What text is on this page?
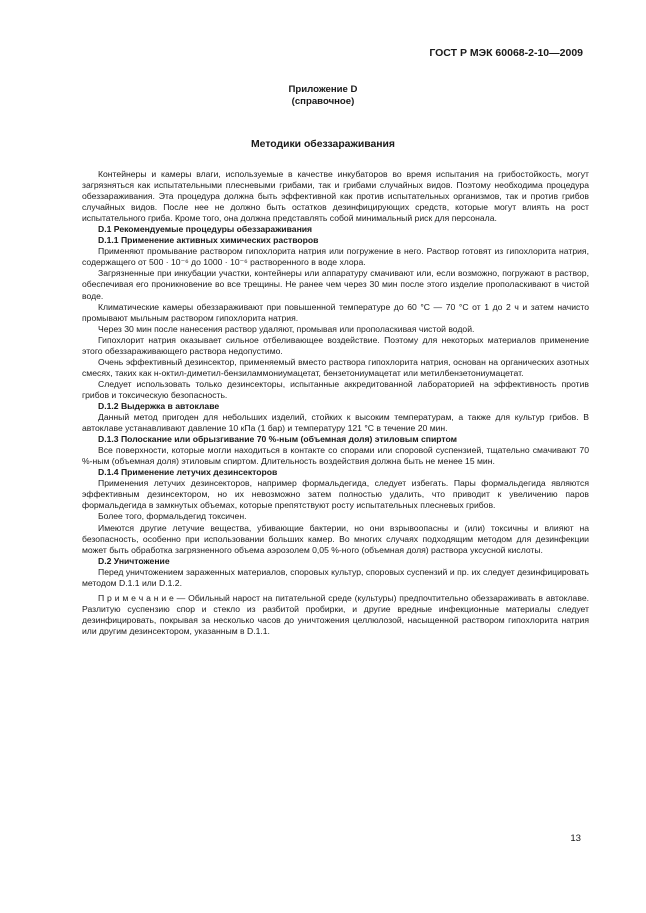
ГОСТ Р МЭК 60068-2-10—2009
Приложение D
(справочное)
Методики обеззараживания

Контейнеры и камеры влаги, используемые в качестве инкубаторов во время испытания на грибостойкость, могут загрязняться как испытательными плесневыми грибами, так и грибами случайных видов. Поэтому необходима процедура обеззараживания. Эта процедура должна быть эффективной как против испытательных организмов, так и против грибов случайных видов. После нее не должно быть остатков дезинфицирующих средств, которые могут влиять на рост испытательного гриба. Кроме того, она должна представлять собой минимальный риск для персонала.

D.1 Рекомендуемые процедуры обеззараживания
D.1.1 Применение активных химических растворов

Применяют промывание раствором гипохлорита натрия или погружение в него. Раствор готовят из гипохлорита натрия, содержащего от 500 · 10⁻⁶ до 1000 · 10⁻⁶ растворенного в воде хлора.

Загрязненные при инкубации участки, контейнеры или аппаратуру смачивают или, если возможно, погружают в раствор, обеспечивая его проникновение во все трещины. Не ранее чем через 30 мин после этого изделие прополаскивают в чистой воде.

Климатические камеры обеззараживают при повышенной температуре до 60 °С — 70 °С от 1 до 2 ч и затем начисто промывают мыльным раствором гипохлорита натрия.

Через 30 мин после нанесения раствор удаляют, промывая или прополаскивая чистой водой.

Гипохлорит натрия оказывает сильное отбеливающее воздействие. Поэтому для некоторых материалов применение этого обеззараживающего раствора недопустимо.

Очень эффективный дезинсектор, применяемый вместо раствора гипохлорита натрия, основан на органических азотных смесях, таких как н-октил-диметил-бензиламмониумацетат, бензетониумацетат или метилбензетониумацетат.

Следует использовать только дезинсекторы, испытанные аккредитованной лабораторией на эффективность против грибов и токсическую безопасность.

D.1.2 Выдержка в автоклаве

Данный метод пригоден для небольших изделий, стойких к высоким температурам, а также для культур грибов. В автоклаве устанавливают давление 10 кПа (1 бар) и температуру 121 °С в течение 20 мин.

D.1.3 Полоскание или обрызгивание 70 %-ным (объемная доля) этиловым спиртом

Все поверхности, которые могли находиться в контакте со спорами или споровой суспензией, тщательно смачивают 70 %-ным (объемная доля) этиловым спиртом. Длительность воздействия должна быть не менее 15 мин.

D.1.4 Применение летучих дезинсекторов

Применения летучих дезинсекторов, например формальдегида, следует избегать. Пары формальдегида являются эффективным дезинсектором, но их невозможно затем полностью удалить, что приводит к увеличению паров формальдегида в замкнутых объемах, которые препятствуют росту испытательных плесневых грибов.

Более того, формальдегид токсичен.

Имеются другие летучие вещества, убивающие бактерии, но они взрывоопасны и (или) токсичны и влияют на безопасность, особенно при использовании больших камер. Во многих случаях подходящим методом для дезинфекции может быть обработка загрязненного объема аэрозолем 0,05 %-ного (объемная доля) раствора уксусной кислоты.

D.2 Уничтожение

Перед уничтожением зараженных материалов, споровых культур, споровых суспензий и пр. их следует дезинфицировать методом D.1.1 или D.1.2.

П р и м е ч а н и е — Обильный нарост на питательной среде (культуры) предпочтительно обеззараживать в автоклаве. Разлитую суспензию спор и стекло из разбитой пробирки, и другие вредные инфекционные материалы следует дезинфицировать, покрывая за несколько часов до уничтожения целлюлозой, насыщенной раствором гипохлорита натрия или другим дезинсектором, указанным в D.1.1.

13
